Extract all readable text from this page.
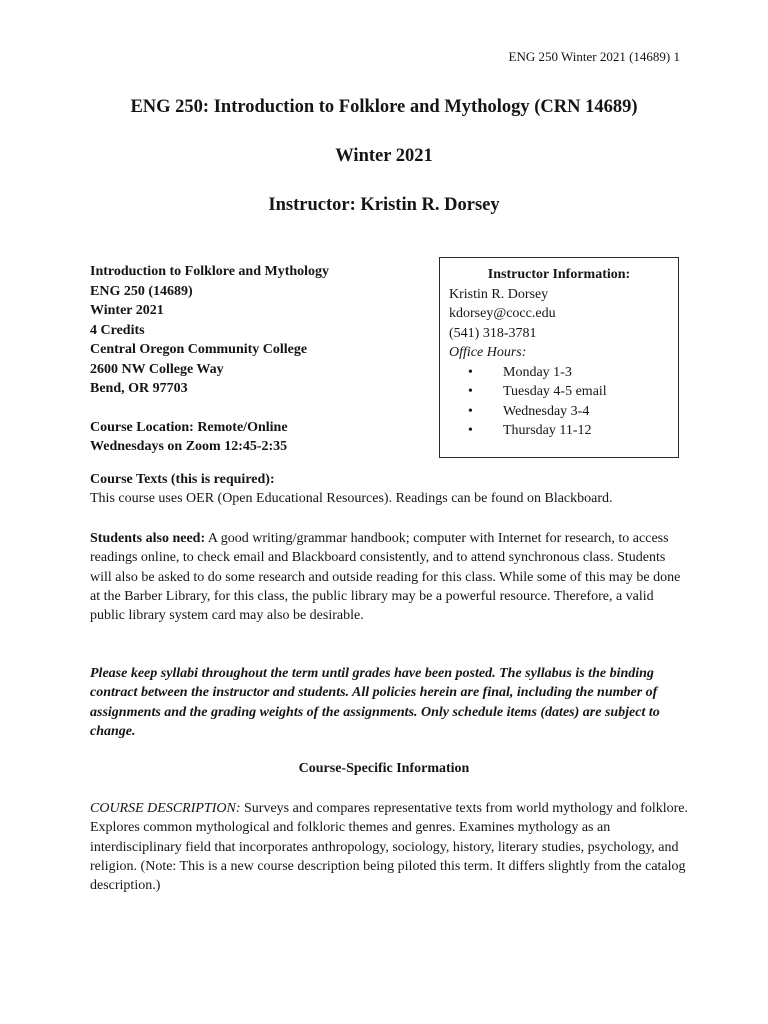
ENG 250 Winter 2021 (14689) 1
ENG 250: Introduction to Folklore and Mythology (CRN 14689)
Winter 2021
Instructor: Kristin R. Dorsey
Introduction to Folklore and Mythology
ENG 250 (14689)
Winter 2021
4 Credits
Central Oregon Community College
2600 NW College Way
Bend, OR 97703
Course Location: Remote/Online
Wednesdays on Zoom 12:45-2:35
Instructor Information:
Kristin R. Dorsey
kdorsey@cocc.edu
(541) 318-3781
Office Hours:
• Monday 1-3
• Tuesday 4-5 email
• Wednesday 3-4
• Thursday 11-12
Course Texts (this is required):
This course uses OER (Open Educational Resources). Readings can be found on Blackboard.
Students also need: A good writing/grammar handbook; computer with Internet for research, to access readings online, to check email and Blackboard consistently, and to attend synchronous class. Students will also be asked to do some research and outside reading for this class. While some of this may be done at the Barber Library, for this class, the public library may be a powerful resource. Therefore, a valid public library system card may also be desirable.
Please keep syllabi throughout the term until grades have been posted. The syllabus is the binding contract between the instructor and students. All policies herein are final, including the number of assignments and the grading weights of the assignments. Only schedule items (dates) are subject to change.
Course-Specific Information
COURSE DESCRIPTION: Surveys and compares representative texts from world mythology and folklore. Explores common mythological and folkloric themes and genres. Examines mythology as an interdisciplinary field that incorporates anthropology, sociology, history, literary studies, psychology, and religion. (Note: This is a new course description being piloted this term. It differs slightly from the catalog description.)
